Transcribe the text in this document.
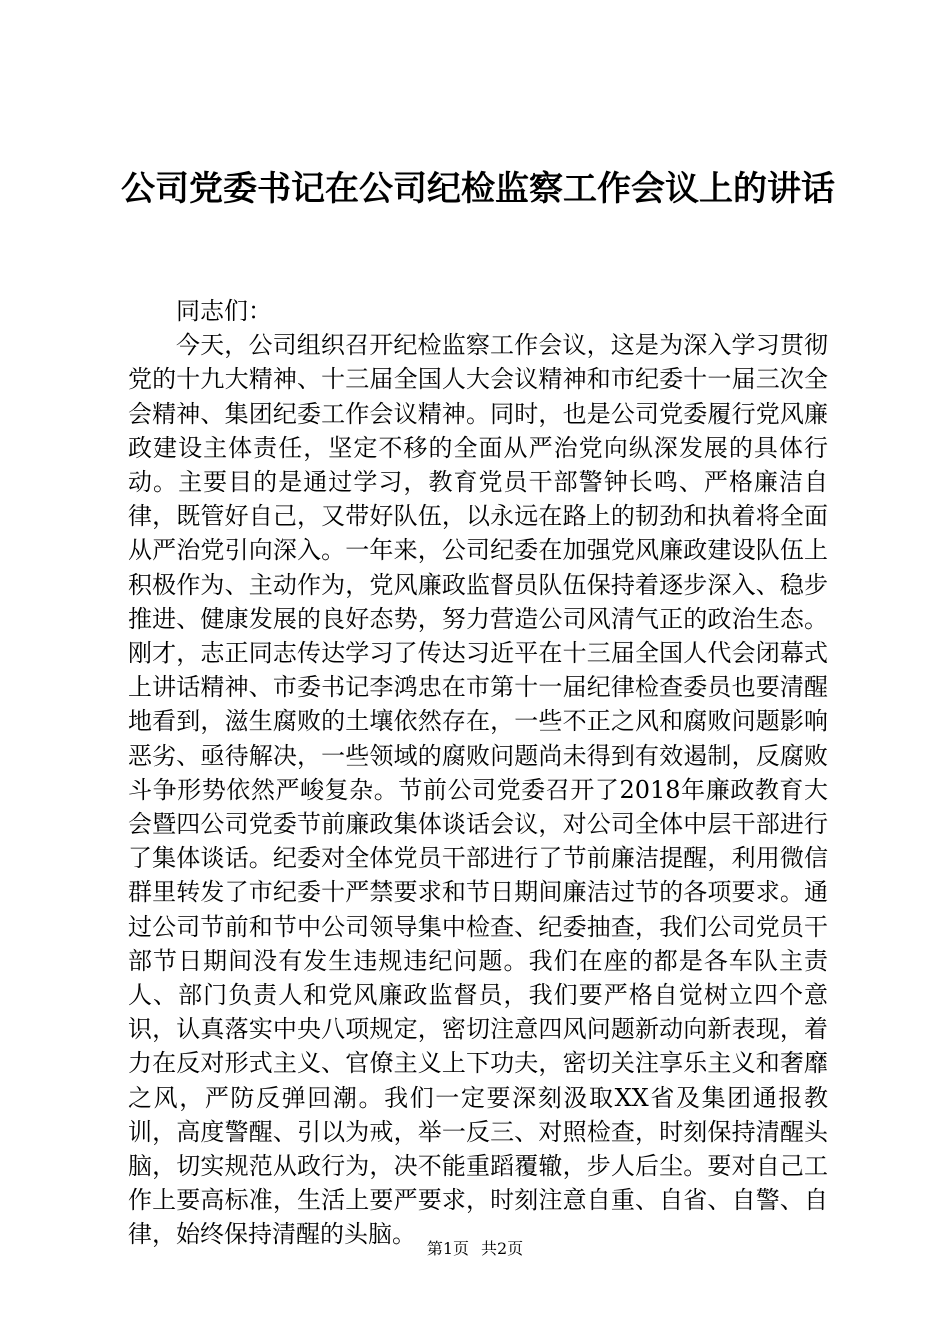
公司党委书记在公司纪检监察工作会议上的讲话

同志们：

今天，公司组织召开纪检监察工作会议，这是为深入学习贯彻党的十九大精神、十三届全国人大会议精神和市纪委十一届三次全会精神、集团纪委工作会议精神。同时，也是公司党委履行党风廉政建设主体责任，坚定不移的全面从严治党向纵深发展的具体行动。主要目的是通过学习，教育党员干部警钟长鸣、严格廉洁自律，既管好自己，又带好队伍，以永远在路上的韧劲和执着将全面从严治党引向深入。一年来，公司纪委在加强党风廉政建设队伍上积极作为、主动作为，党风廉政监督员队伍保持着逐步深入、稳步推进、健康发展的良好态势，努力营造公司风清气正的政治生态。刚才，志正同志传达学习了传达习近平在十三届全国人代会闭幕式上讲话精神、市委书记李鸿忠在市第十一届纪律检查委员也要清醒地看到，滋生腐败的土壤依然存在，一些不正之风和腐败问题影响恶劣、亟待解决，一些领域的腐败问题尚未得到有效遏制，反腐败斗争形势依然严峻复杂。节前公司党委召开了2018年廉政教育大会暨四公司党委节前廉政集体谈话会议，对公司全体中层干部进行了集体谈话。纪委对全体党员干部进行了节前廉洁提醒，利用微信群里转发了市纪委十严禁要求和节日期间廉洁过节的各项要求。通过公司节前和节中公司领导集中检查、纪委抽查，我们公司党员干部节日期间没有发生违规违纪问题。我们在座的都是各车队主责人、部门负责人和党风廉政监督员，我们要严格自觉树立四个意识，认真落实中央八项规定，密切注意四风问题新动向新表现，着力在反对形式主义、官僚主义上下功夫，密切关注享乐主义和奢靡之风，严防反弹回潮。我们一定要深刻汲取XX省及集团通报教训，高度警醒、引以为戒，举一反三、对照检查，时刻保持清醒头脑，切实规范从政行为，决不能重蹈覆辙，步人后尘。要对自己工作上要高标准，生活上要严要求，时刻注意自重、自省、自警、自律，始终保持清醒的头脑。

第1页 共2页
